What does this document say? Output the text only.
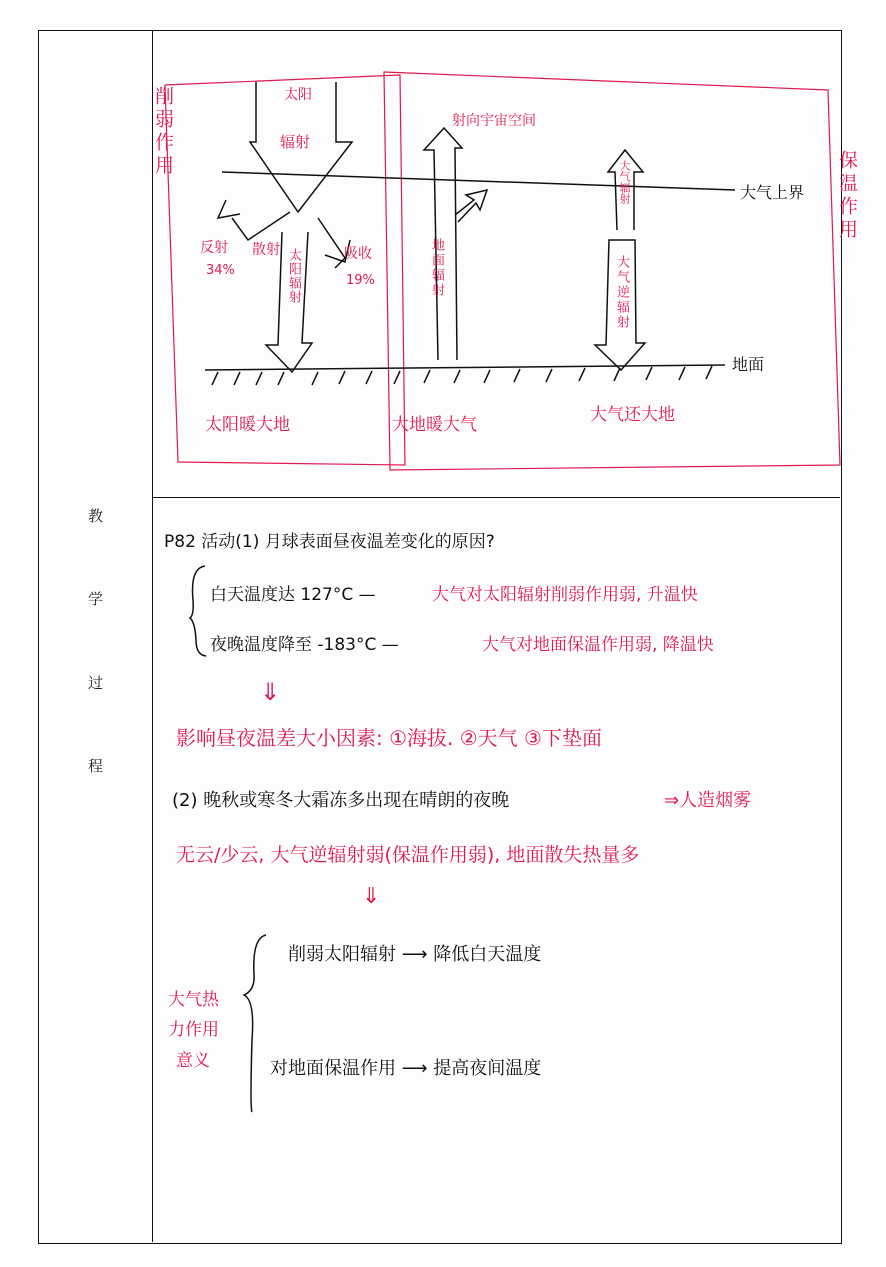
教
学
过
程
削弱作用
保温作用
太阳
辐射
反射
34%
散射 太阳辐射	吸收
19%
太阳暖大地
射向宇宙空间
地面辐射
大地暖大气
大气辐射
大气逆辐射
大气还大地
大气上界
地面
P82 活动(1) 月球表面昼夜温差变化的原因?
白天温度达 127°C —	大气对太阳辐射削弱作用弱, 升温快
夜晚温度降至 -183°C —	大气对地面保温作用弱, 降温快
⇓
影响昼夜温差大小因素: ①海拔. ②天气 ③下垫面
(2) 晚秋或寒冬大霜冻多出现在晴朗的夜晚	⇒人造烟雾
无云/少云, 大气逆辐射弱(保温作用弱), 地面散失热量多
⇓
大气热
力作用
意义
削弱太阳辐射 ⟶ 降低白天温度
对地面保温作用 ⟶ 提高夜间温度
